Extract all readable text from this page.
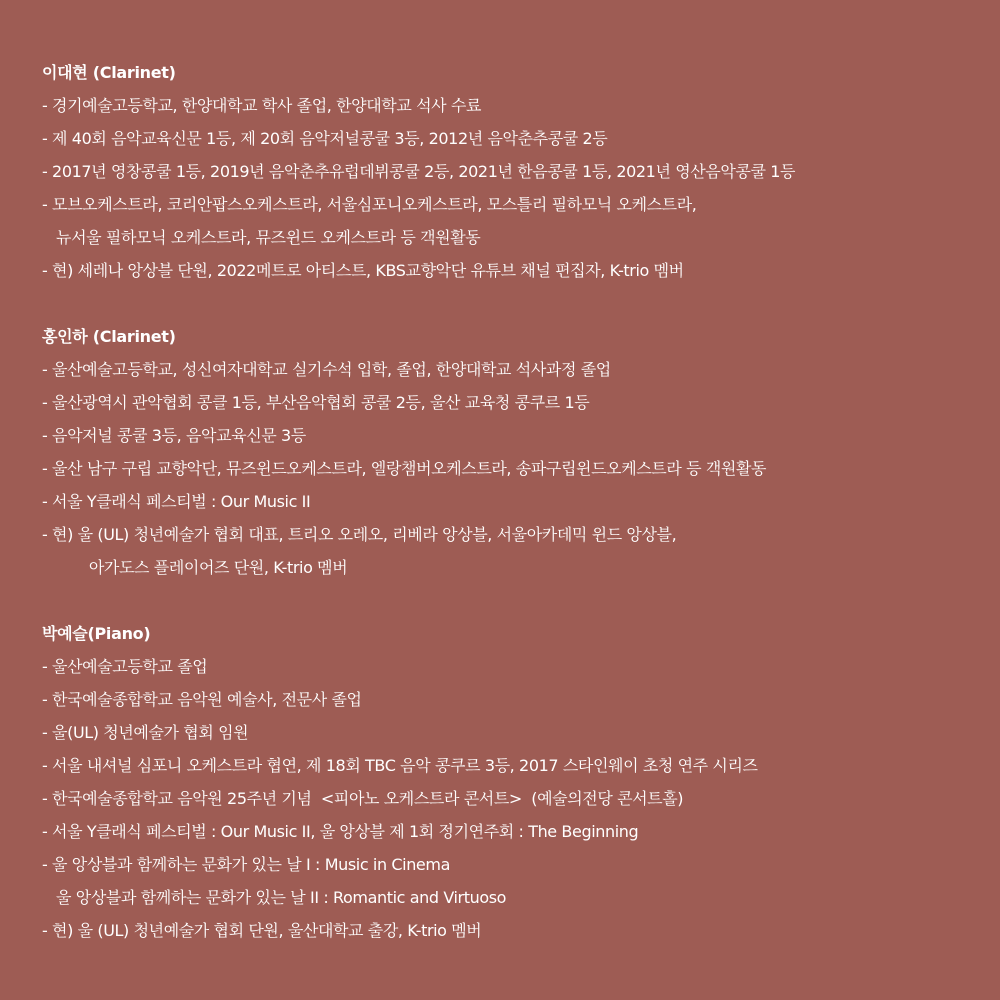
이대현 (Clarinet)
- 경기예술고등학교, 한양대학교 학사 졸업, 한양대학교 석사 수료
- 제 40회 음악교육신문 1등, 제 20회 음악저널콩쿨 3등, 2012년 음악춘추콩쿨 2등
- 2017년 영창콩쿨 1등, 2019년 음악춘추유럽데뷔콩쿨 2등, 2021년 한음콩쿨 1등, 2021년 영산음악콩쿨 1등
- 모브오케스트라, 코리안팝스오케스트라, 서울심포니오케스트라, 모스틀리 필하모닉 오케스트라,
뉴서울 필하모닉 오케스트라, 뮤즈윈드 오케스트라 등 객원활동
- 현) 세레나 앙상블 단원, 2022메트로 아티스트, KBS교향악단 유튜브 채널 편집자, K-trio 멤버
홍인하 (Clarinet)
- 울산예술고등학교, 성신여자대학교 실기수석 입학, 졸업, 한양대학교 석사과정 졸업
- 울산광역시 관악협회 콩클 1등, 부산음악협회 콩쿨 2등, 울산 교육청 콩쿠르 1등
- 음악저널 콩쿨 3등, 음악교육신문 3등
- 울산 남구 구립 교향악단, 뮤즈윈드오케스트라, 엘랑챔버오케스트라, 송파구립윈드오케스트라 등 객원활동
- 서울 Y클래식 페스티벌 : Our Music II
- 현) 울 (UL) 청년예술가 협회 대표, 트리오 오레오, 리베라 앙상블, 서울아카데믹 윈드 앙상블,
아가도스 플레이어즈 단원, K-trio 멤버
박예슬(Piano)
- 울산예술고등학교 졸업
- 한국예술종합학교 음악원 예술사, 전문사 졸업
- 울(UL) 청년예술가 협회 임원
- 서울 내셔널 심포니 오케스트라 협연, 제 18회 TBC 음악 콩쿠르 3등, 2017 스타인웨이 초청 연주 시리즈
- 한국예술종합학교 음악원 25주년 기념  <피아노 오케스트라 콘서트>  (예술의전당 콘서트홀)
- 서울 Y클래식 페스티벌 : Our Music II, 울 앙상블 제 1회 정기연주회 : The Beginning
- 울 앙상블과 함께하는 문화가 있는 날 I : Music in Cinema
울 앙상블과 함께하는 문화가 있는 날 II : Romantic and Virtuoso
- 현) 울 (UL) 청년예술가 협회 단원, 울산대학교 출강, K-trio 멤버
